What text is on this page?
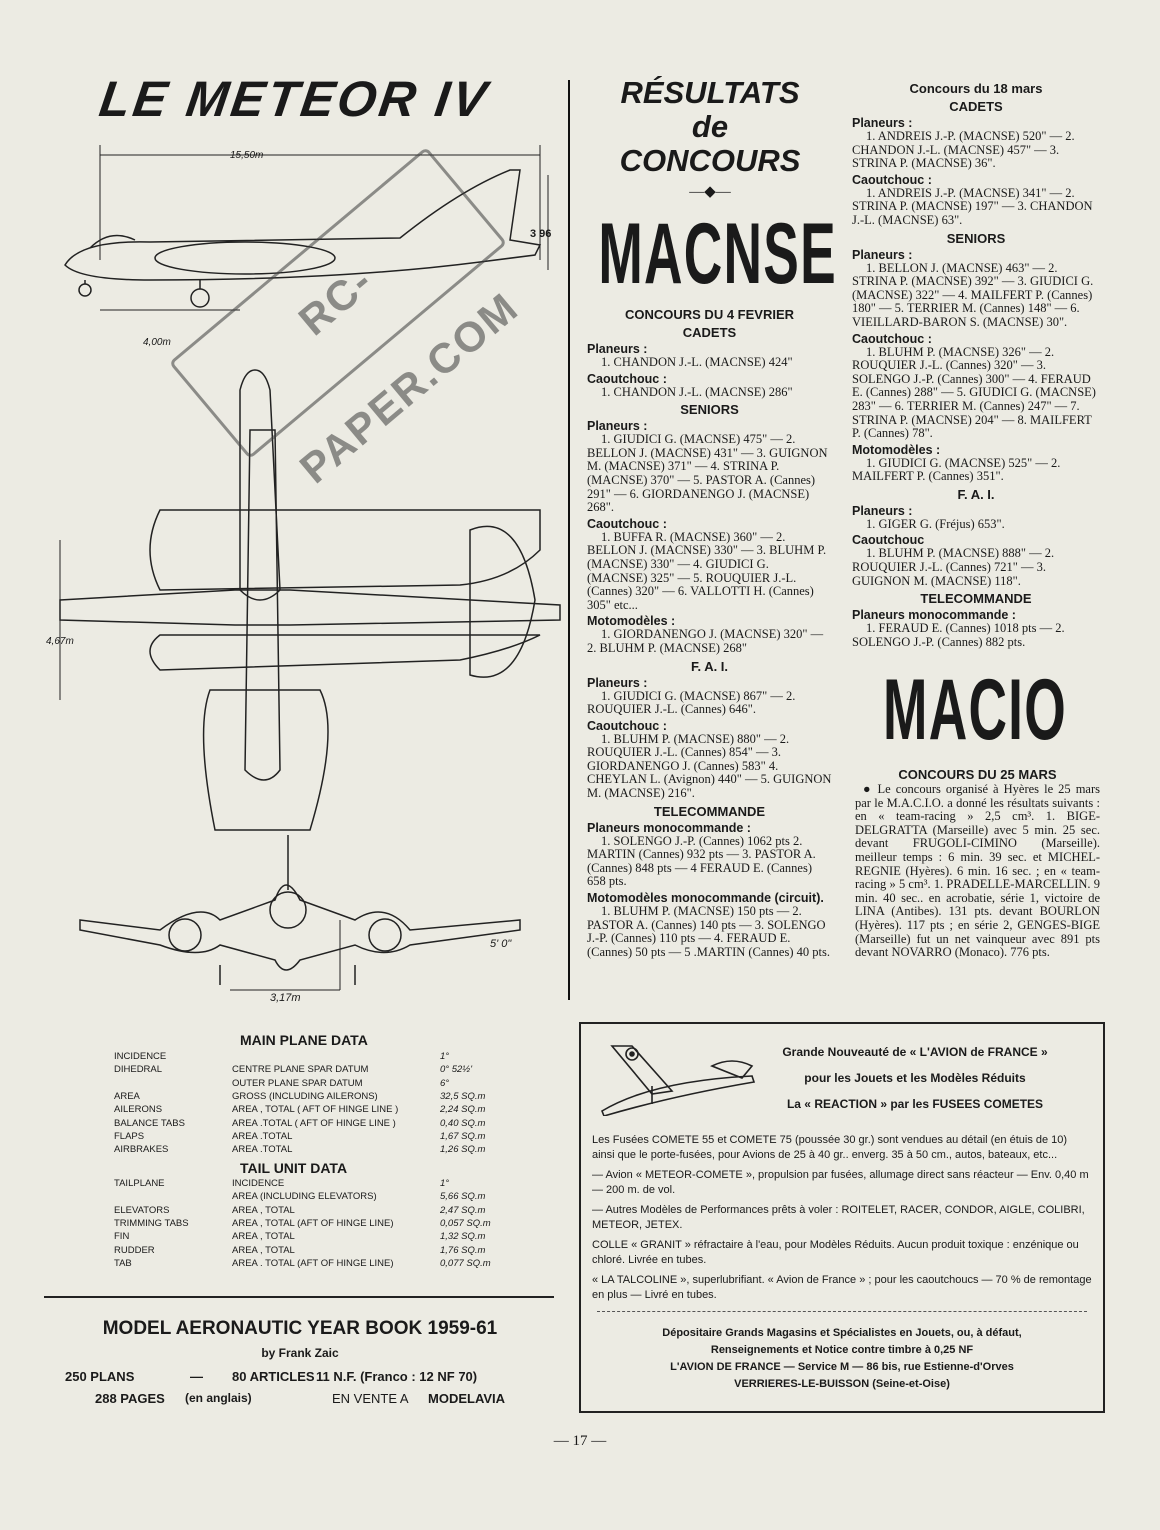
LE METEOR IV
15,50m
3 96
4,00m
4,67m
5' 0"
3,17m
RC-PAPER.COM
MAIN PLANE DATA
INCIDENCE		1°
DIHEDRAL	CENTRE PLANE SPAR DATUM	0° 52½'
	OUTER PLANE SPAR DATUM	6°
AREA	GROSS (INCLUDING AILERONS)	32,5 SQ.m
AILERONS	AREA , TOTAL ( AFT OF HINGE LINE )	2,24 SQ.m
BALANCE TABS	AREA .TOTAL ( AFT OF HINGE LINE )	0,40 SQ.m
FLAPS	AREA .TOTAL	1,67 SQ.m
AIRBRAKES	AREA .TOTAL	1,26 SQ.m
TAIL UNIT DATA
TAILPLANE	INCIDENCE	1°
	AREA (INCLUDING ELEVATORS)	5,66 SQ.m
ELEVATORS	AREA , TOTAL	2,47 SQ.m
TRIMMING TABS	AREA , TOTAL (AFT OF HINGE LINE)	0,057 SQ.m
FIN	AREA , TOTAL	1,32 SQ.m
RUDDER	AREA , TOTAL	1,76 SQ.m
TAB	AREA . TOTAL (AFT OF HINGE LINE)	0,077 SQ.m
MODEL AERONAUTIC YEAR BOOK 1959-61
by Frank Zaic
250 PLANS	— 80 ARTICLES 11 N.F. (Franco : 12 NF 70)
288 PAGES (en anglais)	EN VENTE A MODELAVIA
RÉSULTATS
de
CONCOURS
—◆—
MACNSE
CONCOURS DU 4 FEVRIER
CADETS
Planeurs :
1. CHANDON J.-L. (MACNSE) 424"
Caoutchouc :
1. CHANDON J.-L. (MACNSE) 286"
SENIORS
Planeurs :
1. GIUDICI G. (MACNSE) 475" — 2. BELLON J. (MACNSE) 431" — 3. GUIGNON M. (MACNSE) 371" — 4. STRINA P. (MACNSE) 370" — 5. PASTOR A. (Cannes) 291" — 6. GIORDANENGO J. (MACNSE) 268".
Caoutchouc :
1. BUFFA R. (MACNSE) 360" — 2. BELLON J. (MACNSE) 330" — 3. BLUHM P. (MACNSE) 330" — 4. GIUDICI G. (MACNSE) 325" — 5. ROUQUIER J.-L. (Cannes) 320" — 6. VALLOTTI H. (Cannes) 305" etc...
Motomodèles :
1. GIORDANENGO J. (MACNSE) 320" — 2. BLUHM P. (MACNSE) 268"
F. A. I.
Planeurs :
1. GIUDICI G. (MACNSE) 867" — 2. ROUQUIER J.-L. (Cannes) 646".
Caoutchouc :
1. BLUHM P. (MACNSE) 880" — 2. ROUQUIER J.-L. (Cannes) 854" — 3. GIORDANENGO J. (Cannes) 583" 4. CHEYLAN L. (Avignon) 440" — 5. GUIGNON M. (MACNSE) 216".
TELECOMMANDE
Planeurs monocommande :
1. SOLENGO J.-P. (Cannes) 1062 pts 2. MARTIN (Cannes) 932 pts — 3. PASTOR A. (Cannes) 848 pts — 4 FERAUD E. (Cannes) 658 pts.
Motomodèles monocommande (circuit).
1. BLUHM P. (MACNSE) 150 pts — 2. PASTOR A. (Cannes) 140 pts — 3. SOLENGO J.-P. (Cannes) 110 pts — 4. FERAUD E. (Cannes) 50 pts — 5 .MARTIN (Cannes) 40 pts.
Concours du 18 mars
CADETS
Planeurs :
1. ANDREIS J.-P. (MACNSE) 520" — 2. CHANDON J.-L. (MACNSE) 457" — 3. STRINA P. (MACNSE) 36".
Caoutchouc :
1. ANDREIS J.-P. (MACNSE) 341" — 2. STRINA P. (MACNSE) 197" — 3. CHANDON J.-L. (MACNSE) 63".
SENIORS
Planeurs :
1. BELLON J. (MACNSE) 463" — 2. STRINA P. (MACNSE) 392" — 3. GIUDICI G. (MACNSE) 322" — 4. MAILFERT P. (Cannes) 180" — 5. TERRIER M. (Cannes) 148" — 6. VIEILLARD-BARON S. (MACNSE) 30".
Caoutchouc :
1. BLUHM P. (MACNSE) 326" — 2. ROUQUIER J.-L. (Cannes) 320" — 3. SOLENGO J.-P. (Cannes) 300" — 4. FERAUD E. (Cannes) 288" — 5. GIUDICI G. (MACNSE) 283" — 6. TERRIER M. (Cannes) 247" — 7. STRINA P. (MACNSE) 204" — 8. MAILFERT P. (Cannes) 78".
Motomodèles :
1. GIUDICI G. (MACNSE) 525" — 2. MAILFERT P. (Cannes) 351".
F. A. I.
Planeurs :
1. GIGER G. (Fréjus) 653".
Caoutchouc
1. BLUHM P. (MACNSE) 888" — 2. ROUQUIER J.-L. (Cannes) 721" — 3. GUIGNON M. (MACNSE) 118".
TELECOMMANDE
Planeurs monocommande :
1. FERAUD E. (Cannes) 1018 pts — 2. SOLENGO J.-P. (Cannes) 882 pts.
MACIO
CONCOURS DU 25 MARS
● Le concours organisé à Hyères le 25 mars par le M.A.C.I.O. a donné les résultats suivants : en « team-racing » 2,5 cm³. 1. BIGE-DELGRATTA (Marseille) avec 5 min. 25 sec. devant FRUGOLI-CIMINO (Marseille). meilleur temps : 6 min. 39 sec. et MICHEL-REGNIE (Hyères). 6 min. 16 sec. ; en « team-racing » 5 cm³. 1. PRADELLE-MARCELLIN. 9 min. 40 sec.. en acrobatie, série 1, victoire de LINA (Antibes). 131 pts. devant BOURLON (Hyères). 117 pts ; en série 2, GENGES-BIGE (Marseille) fut un net vainqueur avec 891 pts devant NOVARRO (Monaco). 776 pts.
Grande Nouveauté de « L'AVION de FRANCE »
pour les Jouets et les Modèles Réduits
La « REACTION » par les FUSEES COMETES
Les Fusées COMETE 55 et COMETE 75 (poussée 30 gr.) sont vendues au détail (en étuis de 10) ainsi que le porte-fusées, pour Avions de 25 à 40 gr.. enverg. 35 à 50 cm., autos, bateaux, etc...
— Avion « METEOR-COMETE », propulsion par fusées, allumage direct sans réacteur — Env. 0,40 m — 200 m. de vol.
— Autres Modèles de Performances prêts à voler : ROITELET, RACER, CONDOR, AIGLE, COLIBRI, METEOR, JETEX.
COLLE « GRANIT » réfractaire à l'eau, pour Modèles Réduits. Aucun produit toxique : enzénique ou chloré. Livrée en tubes.
« LA TALCOLINE », superlubrifiant. « Avion de France » ; pour les caoutchoucs — 70 % de remontage en plus — Livré en tubes.
Dépositaire Grands Magasins et Spécialistes en Jouets, ou, à défaut,
Renseignements et Notice contre timbre à 0,25 NF
L'AVION DE FRANCE — Service M — 86 bis, rue Estienne-d'Orves
VERRIERES-LE-BUISSON (Seine-et-Oise)
— 17 —
